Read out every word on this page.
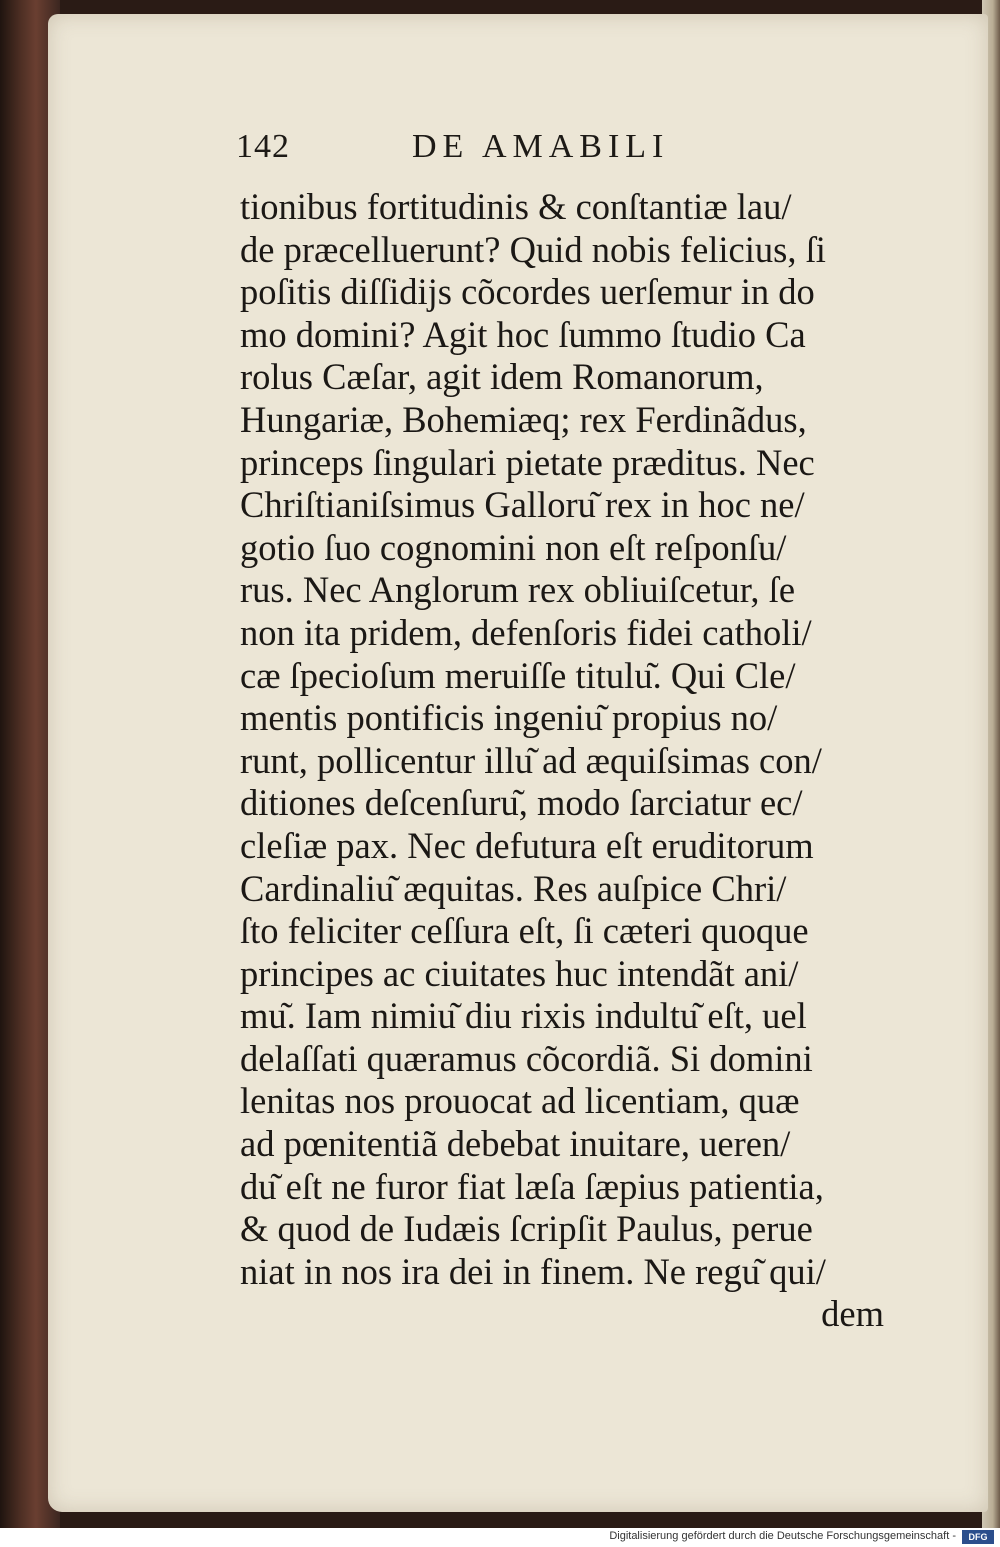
142	DE AMABILI
tionibus fortitudinis & conſtantiæ lau/
de præcelluerunt? Quid nobis felicius, ſi
poſitis diſſidijs cõcordes uerſemur in do
mo domini? Agit hoc ſummo ſtudio Ca
rolus Cæſar, agit idem Romanorum,
Hungariæ, Bohemiæq; rex Ferdinãdus,
princeps ſingulari pietate præditus. Nec
Chriſtianiſsimus Galloru͂ rex in hoc ne/
gotio ſuo cognomini non eſt reſponſu/
rus. Nec Anglorum rex obliuiſcetur, ſe
non ita pridem, defenſoris fidei catholi/
cæ ſpecioſum meruiſſe titulu͂. Qui Cle/
mentis pontificis ingeniu͂ propius no/
runt, pollicentur illu͂ ad æquiſsimas con/
ditiones deſcenſuru͂, modo ſarciatur ec/
cleſiæ pax. Nec defutura eſt eruditorum
Cardinaliu͂ æquitas. Res auſpice Chri/
ſto feliciter ceſſura eſt, ſi cæteri quoque
principes ac ciuitates huc intendãt ani/
mu͂. Iam nimiu͂ diu rixis indultu͂ eſt, uel
delaſſati quæramus cõcordiã. Si domini
lenitas nos prouocat ad licentiam, quæ
ad pœnitentiã debebat inuitare, ueren/
du͂ eſt ne furor fiat læſa ſæpius patientia,
& quod de Iudæis ſcripſit Paulus, perue
niat in nos ira dei in finem. Ne regu͂ qui/
dem
Digitalisierung gefördert durch die Deutsche Forschungsgemeinschaft -	DFG
